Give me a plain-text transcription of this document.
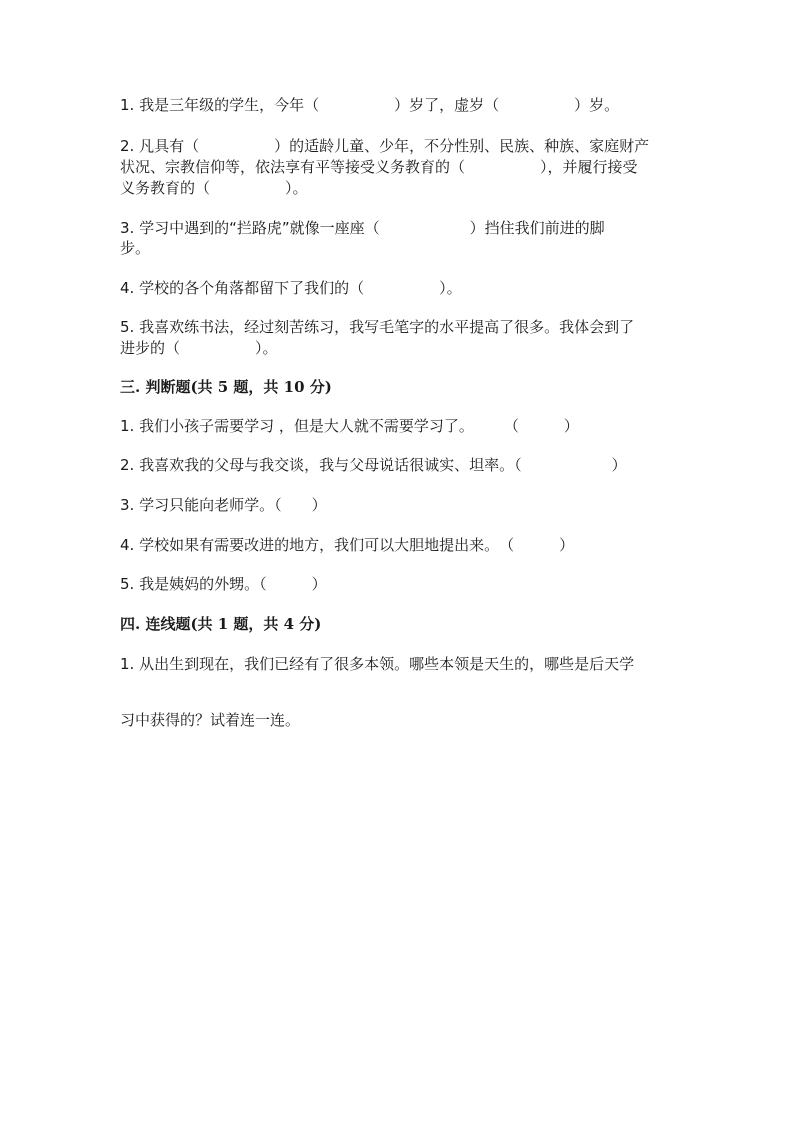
1. 我是三年级的学生，今年（　　　　　）岁了，虚岁（　　　　　）岁。
2. 凡具有（　　　　　）的适龄儿童、少年，不分性别、民族、种族、家庭财产
状况、宗教信仰等，依法享有平等接受义务教育的（　　　　　），并履行接受
义务教育的（　　　　　）。
3. 学习中遇到的“拦路虎”就像一座座（　　　　　　）挡住我们前进的脚
步。
4. 学校的各个角落都留下了我们的（　　　　　）。
5. 我喜欢练书法，经过刻苦练习，我写毛笔字的水平提高了很多。我体会到了
进步的（　　　　　）。
三. 判断题(共 5 题，共 10 分)
1. 我们小孩子需要学习 ，但是大人就不需要学习了。　　　（　　　）
2. 我喜欢我的父母与我交谈，我与父母说话很诚实、坦率。（　　　　　　）
3. 学习只能向老师学。（　　）
4. 学校如果有需要改进的地方，我们可以大胆地提出来。　（　　　）
5. 我是姨妈的外甥。（　　　）
四. 连线题(共 1 题，共 4 分)
1. 从出生到现在，我们已经有了很多本领。哪些本领是天生的，哪些是后天学
习中获得的？试着连一连。
